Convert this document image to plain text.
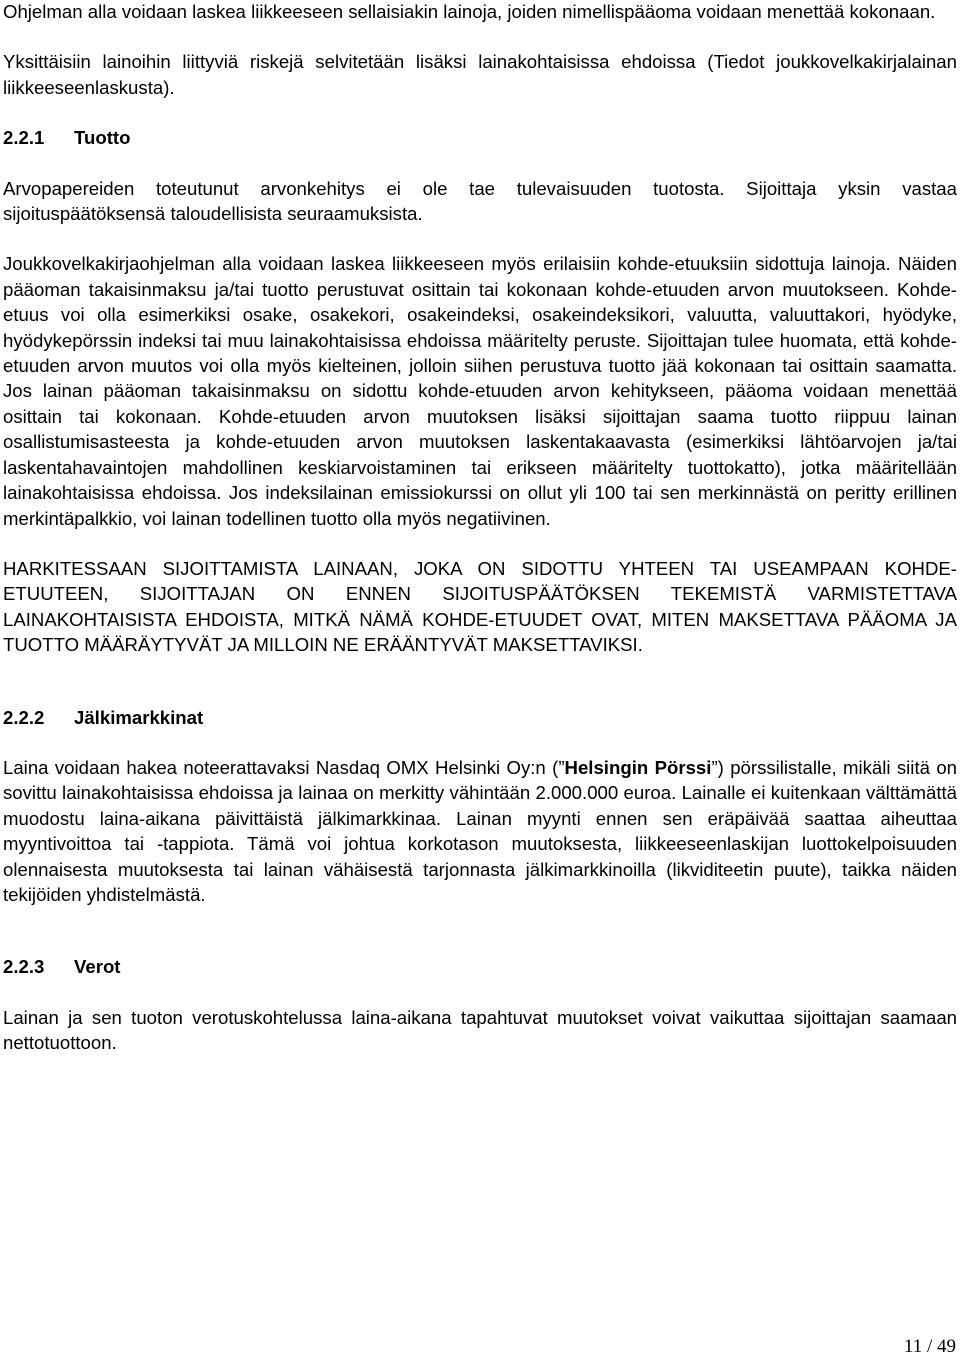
Ohjelman alla voidaan laskea liikkeeseen sellaisiakin lainoja, joiden nimellispääoma voidaan menettää kokonaan.

Yksittäisiin lainoihin liittyviä riskejä selvitetään lisäksi lainakohtaisissa ehdoissa (Tiedot joukkovelkakirjalainan liikkeeseenlaskusta).

2.2.1 Tuotto

Arvopapereiden toteutunut arvonkehitys ei ole tae tulevaisuuden tuotosta. Sijoittaja yksin vastaa sijoituspäätöksensä taloudellisista seuraamuksista.

Joukkovelkakirjaohjelman alla voidaan laskea liikkeeseen myös erilaisiin kohde-etuuksiin sidottuja lainoja. Näiden pääoman takaisinmaksu ja/tai tuotto perustuvat osittain tai kokonaan kohde-etuuden arvon muutokseen. Kohde-etuus voi olla esimerkiksi osake, osakekori, osakeindeksi, osakeindeksikori, valuutta, valuuttakori, hyödyke, hyödykepörssin indeksi tai muu lainakohtaisissa ehdoissa määritelty peruste. Sijoittajan tulee huomata, että kohde-etuuden arvon muutos voi olla myös kielteinen, jolloin siihen perustuva tuotto jää kokonaan tai osittain saamatta. Jos lainan pääoman takaisinmaksu on sidottu kohde-etuuden arvon kehitykseen, pääoma voidaan menettää osittain tai kokonaan. Kohde-etuuden arvon muutoksen lisäksi sijoittajan saama tuotto riippuu lainan osallistumisasteesta ja kohde-etuuden arvon muutoksen laskentakaavasta (esimerkiksi lähtöarvojen ja/tai laskentahavaintojen mahdollinen keskiarvoistaminen tai erikseen määritelty tuottokatto), jotka määritellään lainakohtaisissa ehdoissa. Jos indeksilainan emissiokurssi on ollut yli 100 tai sen merkinnästä on peritty erillinen merkintäpalkkio, voi lainan todellinen tuotto olla myös negatiivinen.

HARKITESSAAN SIJOITTAMISTA LAINAAN, JOKA ON SIDOTTU YHTEEN TAI USEAMPAAN KOHDE-ETUUTEEN, SIJOITTAJAN ON ENNEN SIJOITUSPÄÄTÖKSEN TEKEMISTÄ VARMISTETTAVA LAINAKOHTAISISTA EHDOISTA, MITKÄ NÄMÄ KOHDE-ETUUDET OVAT, MITEN MAKSETTAVA PÄÄOMA JA TUOTTO MÄÄRÄYTYVÄT JA MILLOIN NE ERÄÄNTYVÄT MAKSETTAVIKSI.

2.2.2 Jälkimarkkinat

Laina voidaan hakea noteerattavaksi Nasdaq OMX Helsinki Oy:n (”Helsingin Pörssi”) pörssilistalle, mikäli siitä on sovittu lainakohtaisissa ehdoissa ja lainaa on merkitty vähintään 2.000.000 euroa. Lainalle ei kuitenkaan välttämättä muodostu laina-aikana päivittäistä jälkimarkkinaa. Lainan myynti ennen sen eräpäivää saattaa aiheuttaa myyntivoittoa tai -tappiota. Tämä voi johtua korkotason muutoksesta, liikkeeseenlaskijan luottokelpoisuuden olennaisesta muutoksesta tai lainan vähäisestä tarjonnasta jälkimarkkinoilla (likviditeetin puute), taikka näiden tekijöiden yhdistelmästä.

2.2.3 Verot

Lainan ja sen tuoton verotuskohtelussa laina-aikana tapahtuvat muutokset voivat vaikuttaa sijoittajan saamaan nettotuottoon.

11 / 49
